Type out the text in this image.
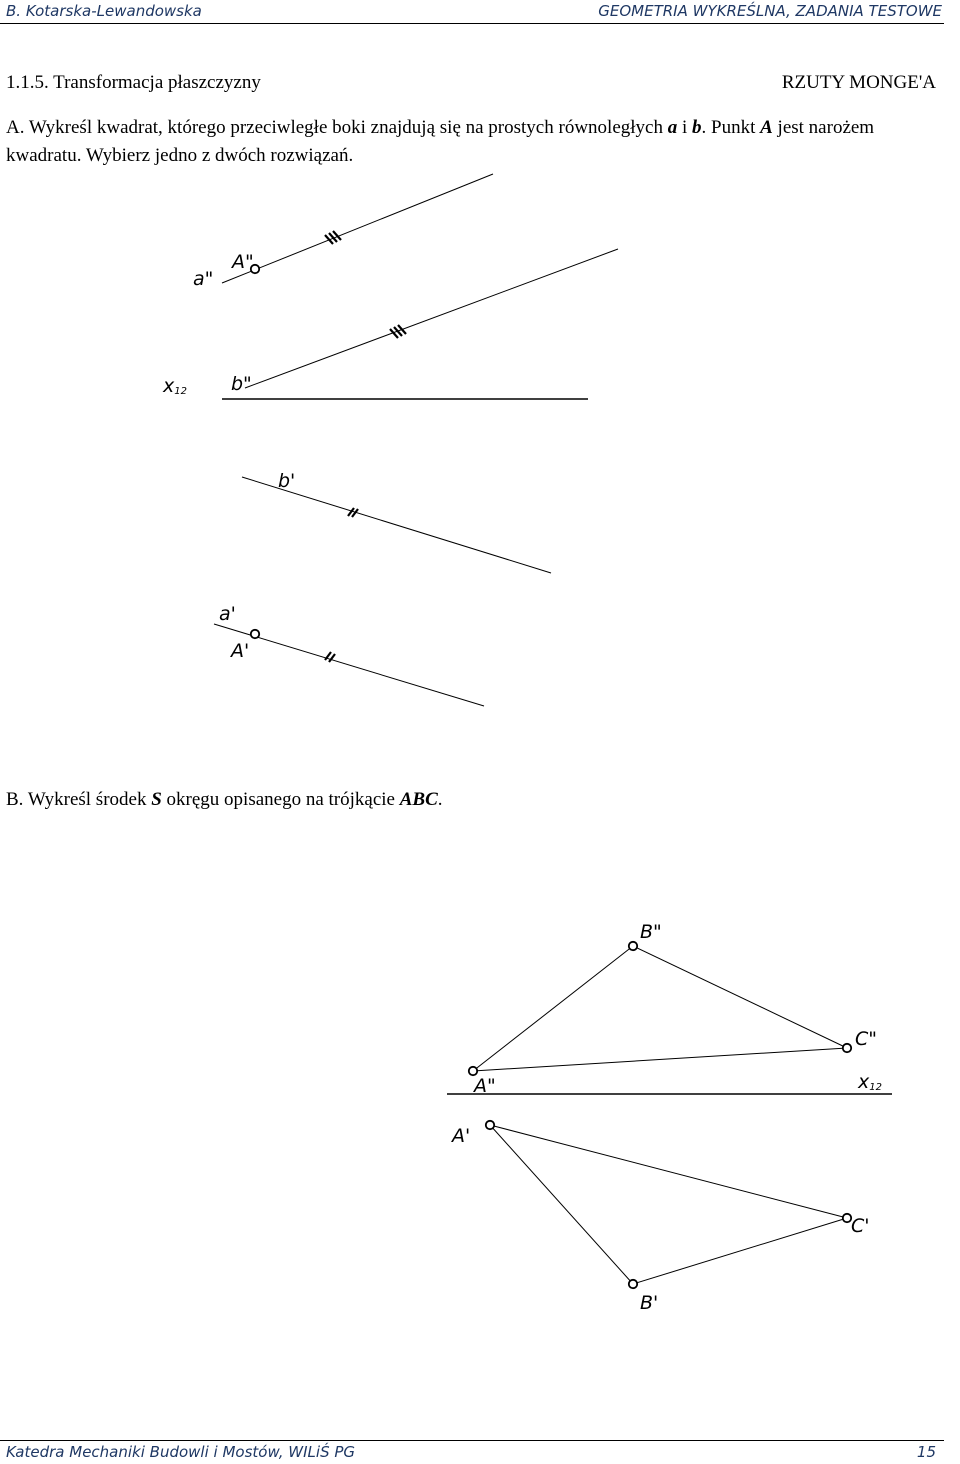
B. Kotarska-Lewandowska	GEOMETRIA WYKREŚLNA, ZADANIA TESTOWE
1.1.5. Transformacja płaszczyzny	RZUTY MONGE'A
A. Wykreśl kwadrat, którego przeciwległe boki znajdują się na prostych równoległych a i b. Punkt A jest narożem kwadratu. Wybierz jedno z dwóch rozwiązań.
a"
A"
x12 b"
b'
a'
A'
B. Wykreśl środek S okręgu opisanego na trójkącie ABC.
B"
C"
A"	x12
A'
C'
B'
Katedra Mechaniki Budowli i Mostów, WILiŚ PG	15
